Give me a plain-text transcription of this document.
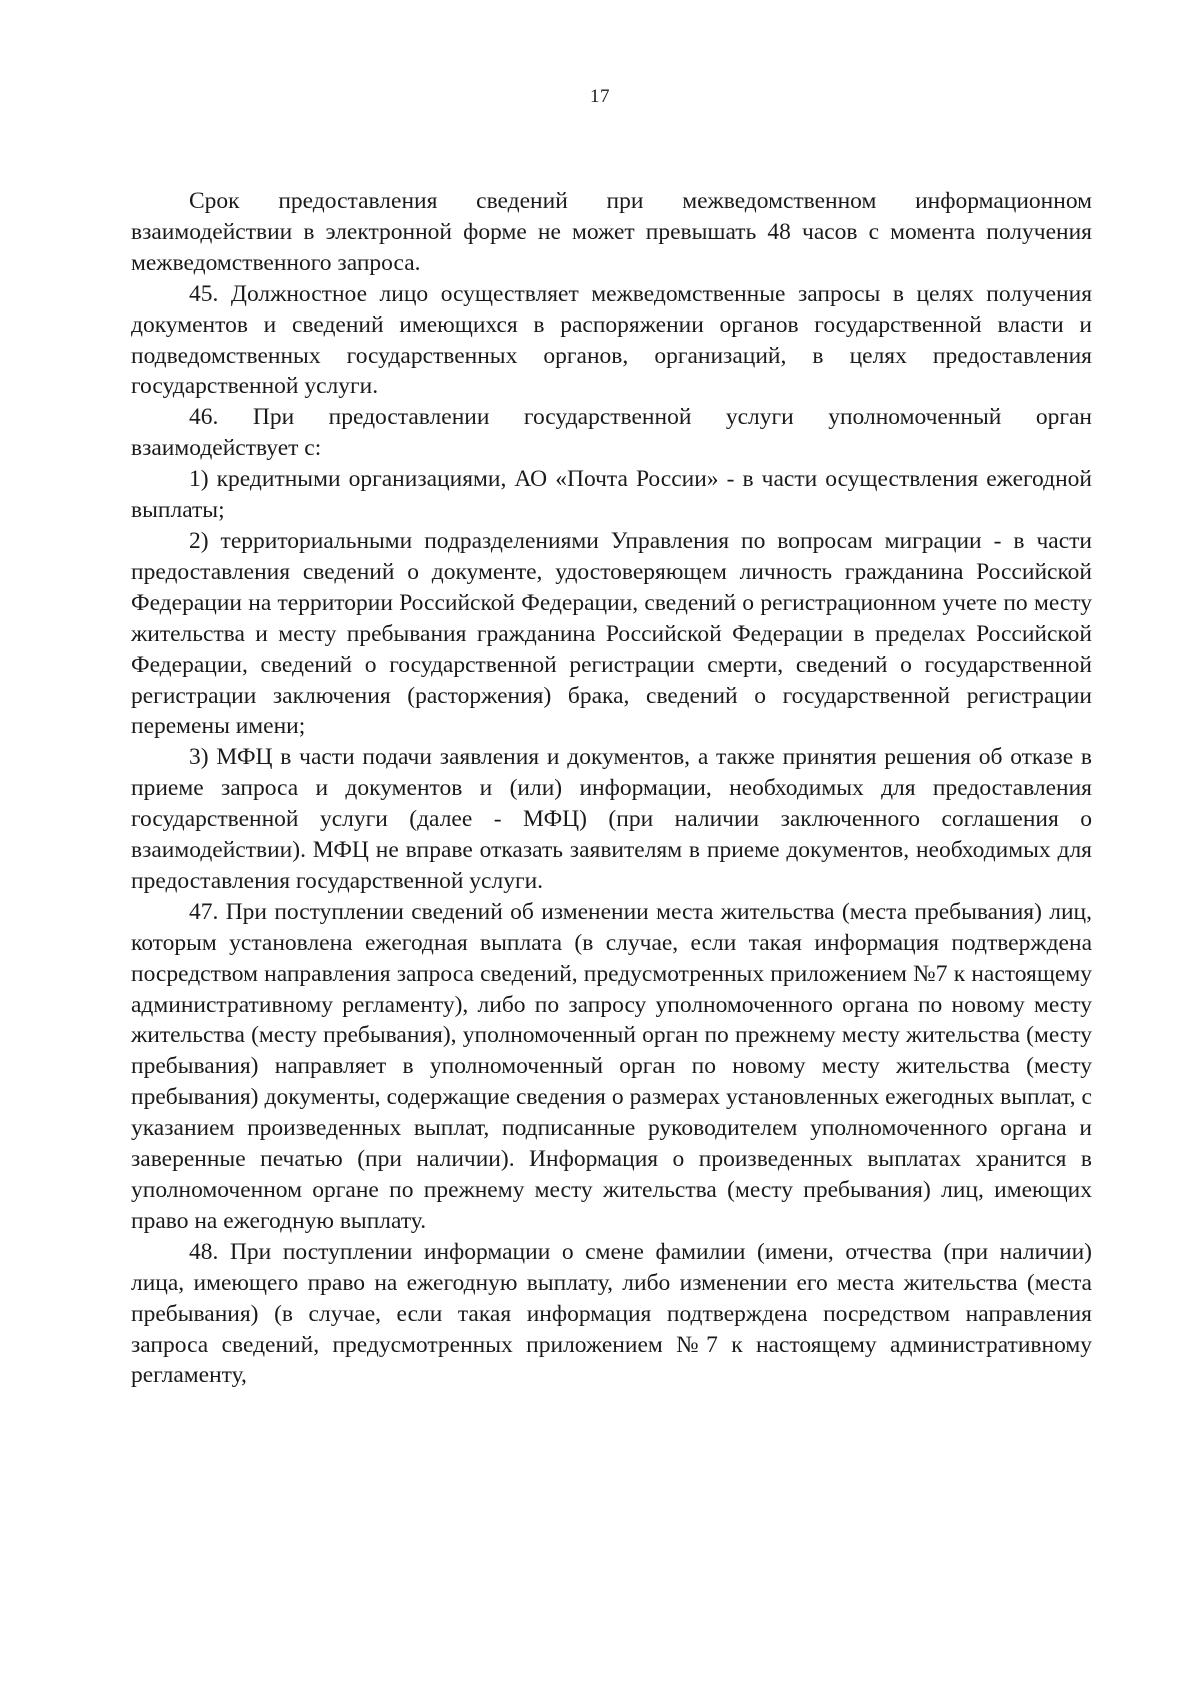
17

Срок предоставления сведений при межведомственном информационном взаимодействии в электронной форме не может превышать 48 часов с момента получения межведомственного запроса.

45. Должностное лицо осуществляет межведомственные запросы в целях получения документов и сведений имеющихся в распоряжении органов государственной власти и подведомственных государственных органов, организаций, в целях предоставления государственной услуги.

46. При предоставлении государственной услуги уполномоченный орган взаимодействует с:

1) кредитными организациями, АО «Почта России» - в части осуществления ежегодной выплаты;

2) территориальными подразделениями Управления по вопросам миграции - в части предоставления сведений о документе, удостоверяющем личность гражданина Российской Федерации на территории Российской Федерации, сведений о регистрационном учете по месту жительства и месту пребывания гражданина Российской Федерации в пределах Российской Федерации, сведений о государственной регистрации смерти, сведений о государственной регистрации заключения (расторжения) брака, сведений о государственной регистрации перемены имени;

3) МФЦ в части подачи заявления и документов, а также принятия решения об отказе в приеме запроса и документов и (или) информации, необходимых для предоставления государственной услуги (далее - МФЦ) (при наличии заключенного соглашения о взаимодействии). МФЦ не вправе отказать заявителям в приеме документов, необходимых для предоставления государственной услуги.

47. При поступлении сведений об изменении места жительства (места пребывания) лиц, которым установлена ежегодная выплата (в случае, если такая информация подтверждена посредством направления запроса сведений, предусмотренных приложением №7 к настоящему административному регламенту), либо по запросу уполномоченного органа по новому месту жительства (месту пребывания), уполномоченный орган по прежнему месту жительства (месту пребывания) направляет в уполномоченный орган по новому месту жительства (месту пребывания) документы, содержащие сведения о размерах установленных ежегодных выплат, с указанием произведенных выплат, подписанные руководителем уполномоченного органа и заверенные печатью (при наличии). Информация о произведенных выплатах хранится в уполномоченном органе по прежнему месту жительства (месту пребывания) лиц, имеющих право на ежегодную выплату.

48. При поступлении информации о смене фамилии (имени, отчества (при наличии) лица, имеющего право на ежегодную выплату, либо изменении его места жительства (места пребывания) (в случае, если такая информация подтверждена посредством направления запроса сведений, предусмотренных приложением №7 к настоящему административному регламенту,
